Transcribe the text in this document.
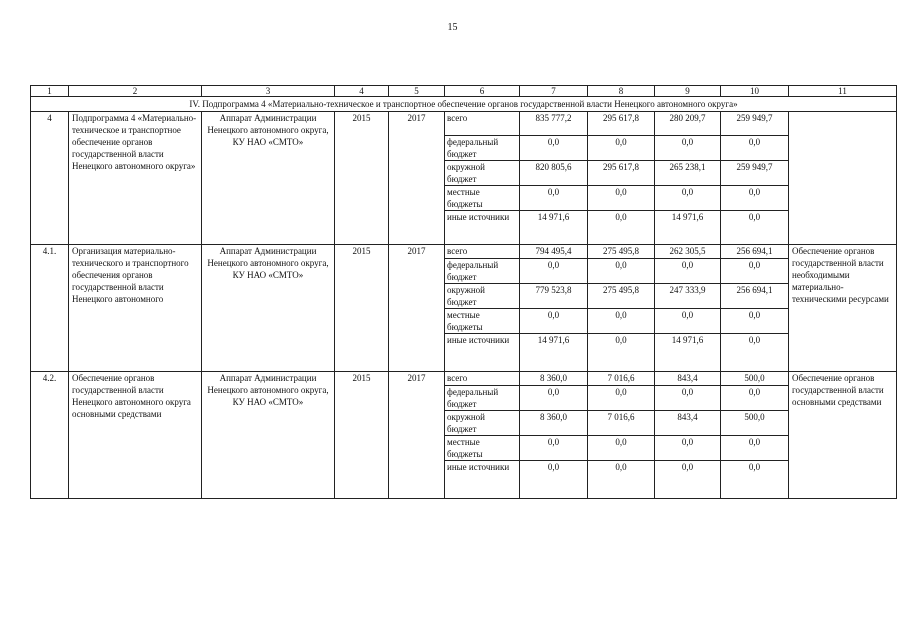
15
1	2	3	4	5	6	7	8	9	10	11
IV. Подпрограмма 4 «Материально-техническое и транспортное обеспечение органов государственной власти Ненецкого автономного округа»										
4	Подпрограмма 4 «Материально-техническое и транспортное обеспечение органов государственной власти Ненецкого автономного округа»	Аппарат Администрации Ненецкого автономного округа, КУ НАО «СМТО»	2015	2017	всего	835 777,2	295 617,8	280 209,7	259 949,7	
					федеральный бюджет	0,0	0,0	0,0	0,0	
					окружной бюджет	820 805,6	295 617,8	265 238,1	259 949,7	
					местные бюджеты	0,0	0,0	0,0	0,0	
					иные источники	14 971,6	0,0	14 971,6	0,0	
4.1.	Организация материально-технического и транспортного обеспечения органов государственной власти Ненецкого автономного	Аппарат Администрации Ненецкого автономного округа, КУ НАО «СМТО»	2015	2017	всего	794 495,4	275 495,8	262 305,5	256 694,1	Обеспечение органов государственной власти необходимыми материально-техническими ресурсами
					федеральный бюджет	0,0	0,0	0,0	0,0	
					окружной бюджет	779 523,8	275 495,8	247 333,9	256 694,1	
					местные бюджеты	0,0	0,0	0,0	0,0	
					иные источники	14 971,6	0,0	14 971,6	0,0	
4.2.	Обеспечение органов государственной власти Ненецкого автономного округа основными средствами	Аппарат Администрации Ненецкого автономного округа, КУ НАО «СМТО»	2015	2017	всего	8 360,0	7 016,6	843,4	500,0	Обеспечение органов государственной власти основными средствами
					федеральный бюджет	0,0	0,0	0,0	0,0	
					окружной бюджет	8 360,0	7 016,6	843,4	500,0	
					местные бюджеты	0,0	0,0	0,0	0,0	
					иные источники	0,0	0,0	0,0	0,0	
